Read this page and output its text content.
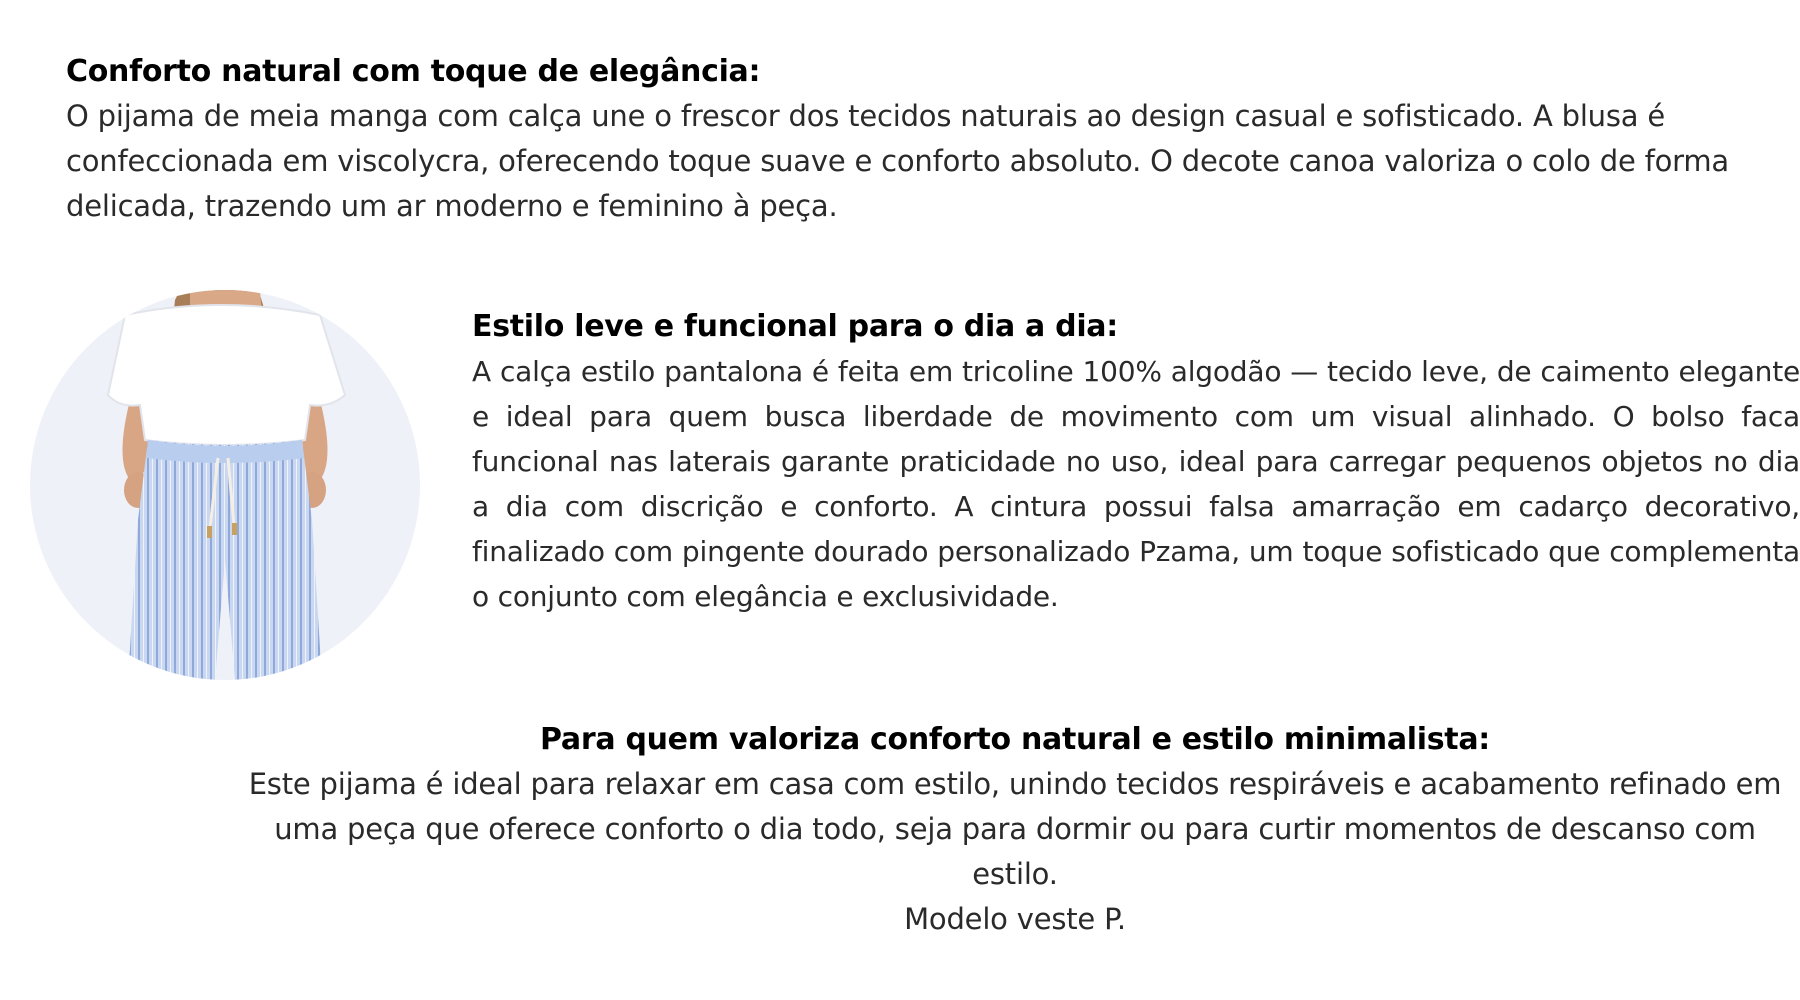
Conforto natural com toque de elegância:

O pijama de meia manga com calça une o frescor dos tecidos naturais ao design casual e sofisticado. A blusa é confeccionada em viscolycra, oferecendo toque suave e conforto absoluto. O decote canoa valoriza o colo de forma delicada, trazendo um ar moderno e feminino à peça.

Estilo leve e funcional para o dia a dia:

A calça estilo pantalona é feita em tricoline 100% algodão — tecido leve, de caimento elegante e ideal para quem busca liberdade de movimento com um visual alinhado. O bolso faca funcional nas laterais garante praticidade no uso, ideal para carregar pequenos objetos no dia a dia com discrição e conforto. A cintura possui falsa amarração em cadarço decorativo, finalizado com pingente dourado personalizado Pzama, um toque sofisticado que complementa o conjunto com elegância e exclusividade.

Para quem valoriza conforto natural e estilo minimalista:

Este pijama é ideal para relaxar em casa com estilo, unindo tecidos respiráveis e acabamento refinado em uma peça que oferece conforto o dia todo, seja para dormir ou para curtir momentos de descanso com estilo.

Modelo veste P.
